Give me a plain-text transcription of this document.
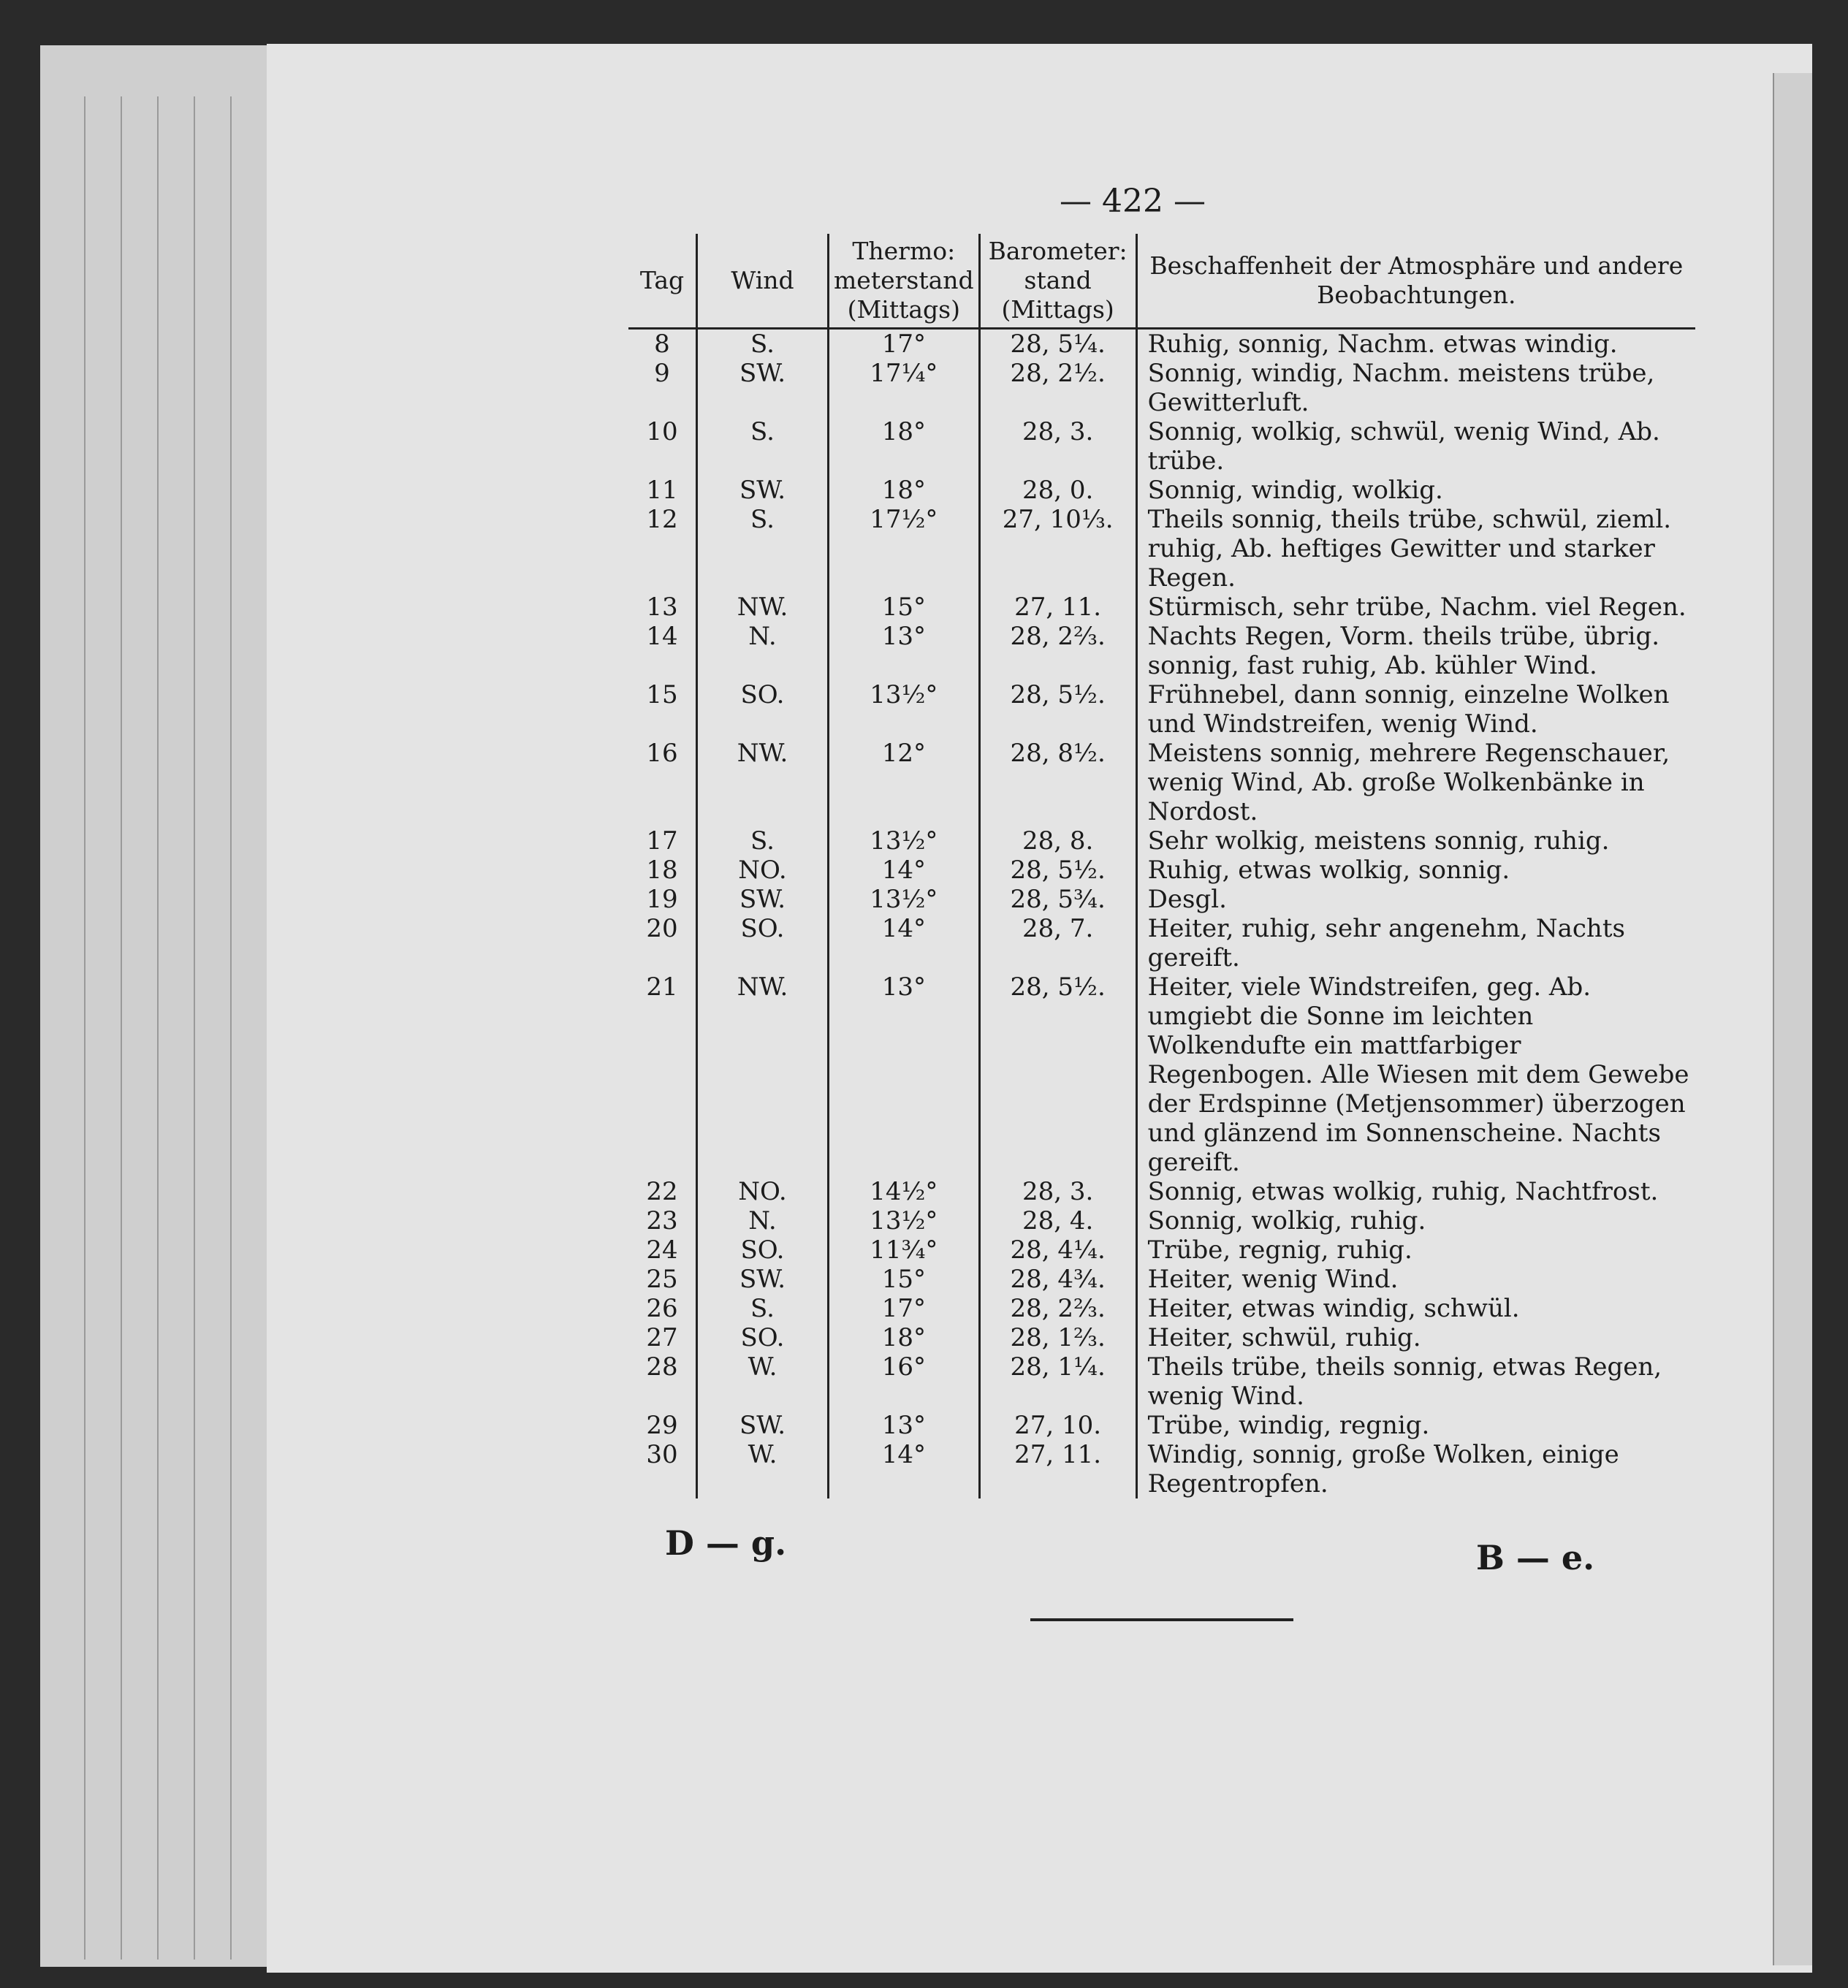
— 422 —
Tag	Wind	Thermo: meterstand (Mittags)	Barometer: stand (Mittags)	Beschaffenheit der Atmosphäre und andere Beobachtungen.
8	S.	17°	28, 5¼.	Ruhig, sonnig, Nachm. etwas windig.
9	SW.	17¼°	28, 2½.	Sonnig, windig, Nachm. meistens trübe, Gewitterluft.
10	S.	18°	28, 3.	Sonnig, wolkig, schwül, wenig Wind, Ab. trübe.
11	SW.	18°	28, 0.	Sonnig, windig, wolkig.
12	S.	17½°	27, 10⅓.	Theils sonnig, theils trübe, schwül, zieml. ruhig, Ab. heftiges Gewitter und starker Regen.
13	NW.	15°	27, 11.	Stürmisch, sehr trübe, Nachm. viel Regen.
14	N.	13°	28, 2⅔.	Nachts Regen, Vorm. theils trübe, übrig. sonnig, fast ruhig, Ab. kühler Wind.
15	SO.	13½°	28, 5½.	Frühnebel, dann sonnig, einzelne Wolken und Windstreifen, wenig Wind.
16	NW.	12°	28, 8½.	Meistens sonnig, mehrere Regenschauer, wenig Wind, Ab. große Wolkenbänke in Nordost.
17	S.	13½°	28, 8.	Sehr wolkig, meistens sonnig, ruhig.
18	NO.	14°	28, 5½.	Ruhig, etwas wolkig, sonnig.
19	SW.	13½°	28, 5¾.	Desgl.
20	SO.	14°	28, 7.	Heiter, ruhig, sehr angenehm, Nachts gereift.
21	NW.	13°	28, 5½.	Heiter, viele Windstreifen, geg. Ab. umgiebt die Sonne im leichten Wolkendufte ein mattfarbiger Regenbogen. Alle Wiesen mit dem Gewebe der Erdspinne (Metjensommer) überzogen und glänzend im Sonnenscheine. Nachts gereift.
22	NO.	14½°	28, 3.	Sonnig, etwas wolkig, ruhig, Nachtfrost.
23	N.	13½°	28, 4.	Sonnig, wolkig, ruhig.
24	SO.	11¾°	28, 4¼.	Trübe, regnig, ruhig.
25	SW.	15°	28, 4¾.	Heiter, wenig Wind.
26	S.	17°	28, 2⅔.	Heiter, etwas windig, schwül.
27	SO.	18°	28, 1⅔.	Heiter, schwül, ruhig.
28	W.	16°	28, 1¼.	Theils trübe, theils sonnig, etwas Regen, wenig Wind.
29	SW.	13°	27, 10.	Trübe, windig, regnig.
30	W.	14°	27, 11.	Windig, sonnig, große Wolken, einige Regentropfen.
D — g.	B — e.
